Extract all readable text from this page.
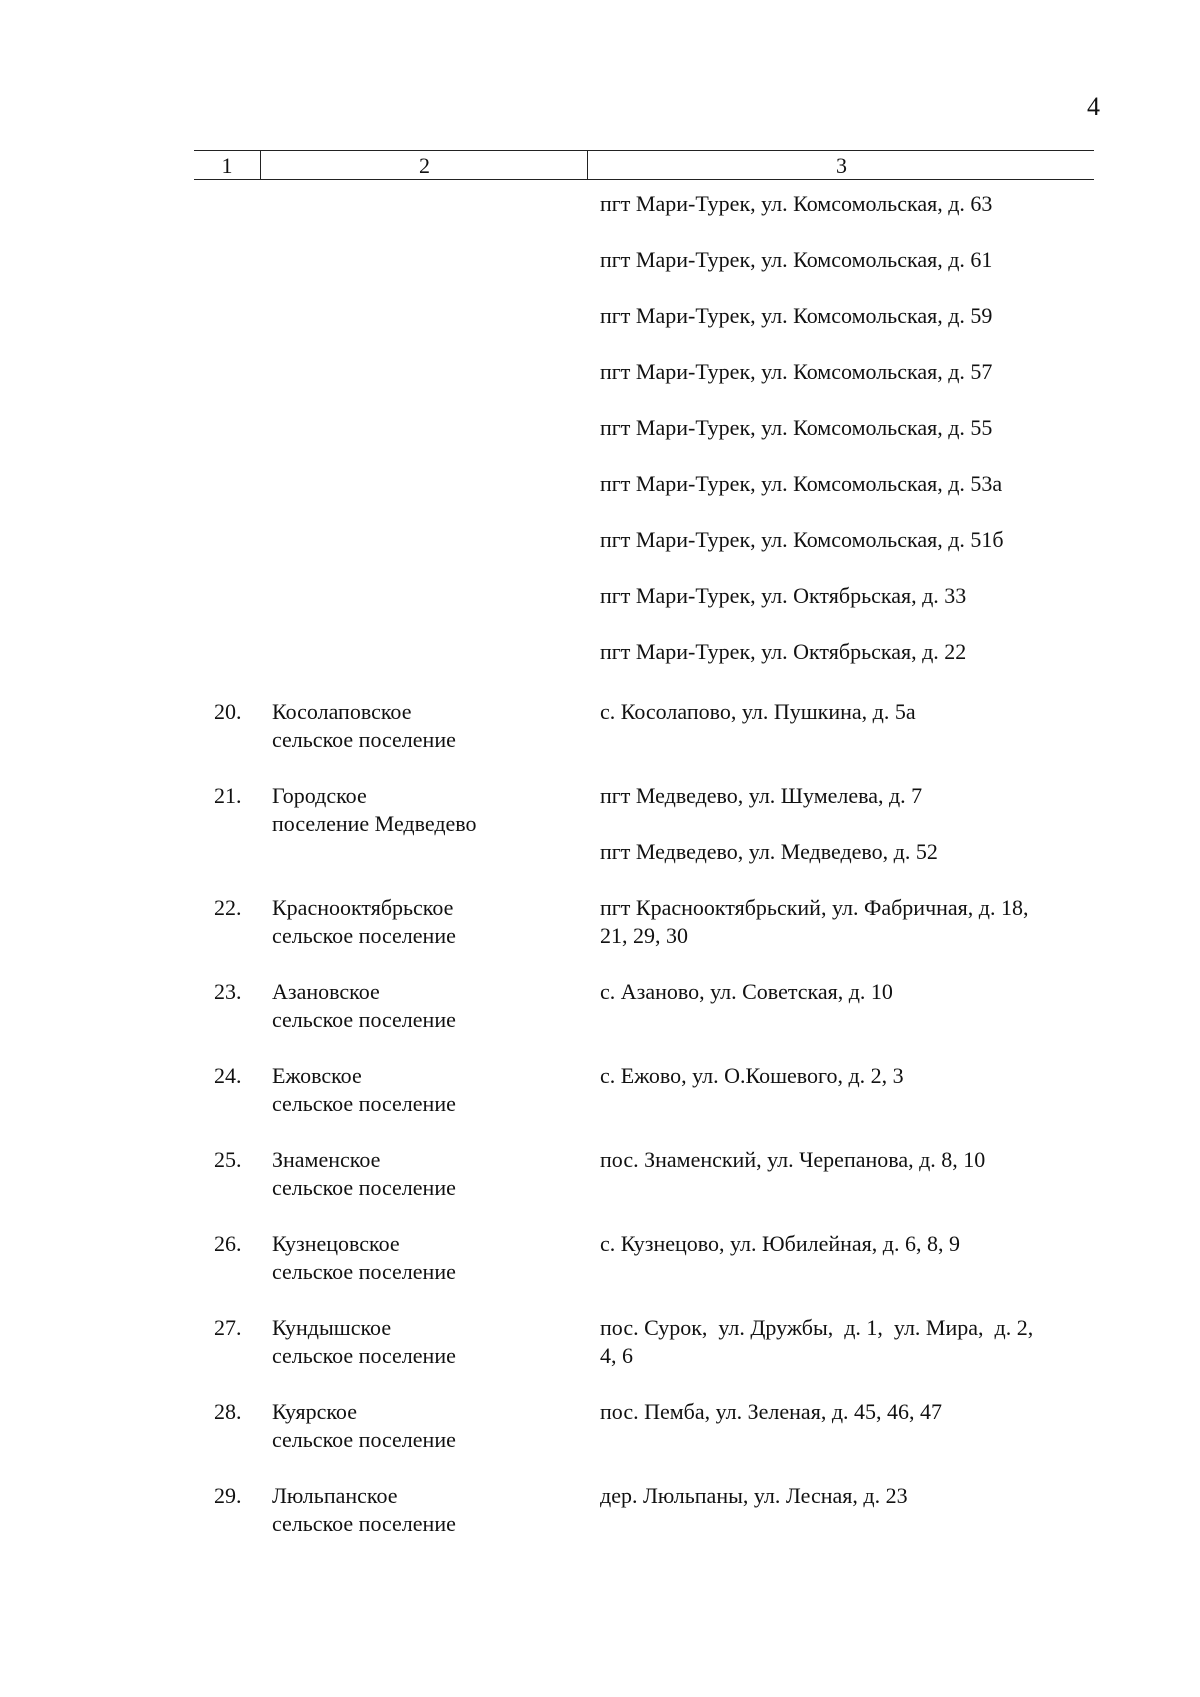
4
1	2	3
пгт Мари-Турек, ул. Комсомольская, д. 63
пгт Мари-Турек, ул. Комсомольская, д. 61
пгт Мари-Турек, ул. Комсомольская, д. 59
пгт Мари-Турек, ул. Комсомольская, д. 57
пгт Мари-Турек, ул. Комсомольская, д. 55
пгт Мари-Турек, ул. Комсомольская, д. 53а
пгт Мари-Турек, ул. Комсомольская, д. 51б
пгт Мари-Турек, ул. Октябрьская, д. 33
пгт Мари-Турек, ул. Октябрьская, д. 22
20. Косолаповское
сельское поселение
с. Косолапово, ул. Пушкина, д. 5а
21. Городское
поселение Медведево
пгт Медведево, ул. Шумелева, д. 7
пгт Медведево, ул. Медведево, д. 52
22. Краснооктябрьское
сельское поселение
пгт Краснооктябрьский, ул. Фабричная, д. 18,
21, 29, 30
23. Азановское
сельское поселение
с. Азаново, ул. Советская, д. 10
24. Ежовское
сельское поселение
с. Ежово, ул. О.Кошевого, д. 2, 3
25. Знаменское
сельское поселение
пос. Знаменский, ул. Черепанова, д. 8, 10
26. Кузнецовское
сельское поселение
с. Кузнецово, ул. Юбилейная, д. 6, 8, 9
27. Кундышское
сельское поселение
пос. Сурок,  ул. Дружбы,  д. 1,  ул. Мира,  д. 2,
4, 6
28. Куярское
сельское поселение
пос. Пемба, ул. Зеленая, д. 45, 46, 47
29. Люльпанское
сельское поселение
дер. Люльпаны, ул. Лесная, д. 23
